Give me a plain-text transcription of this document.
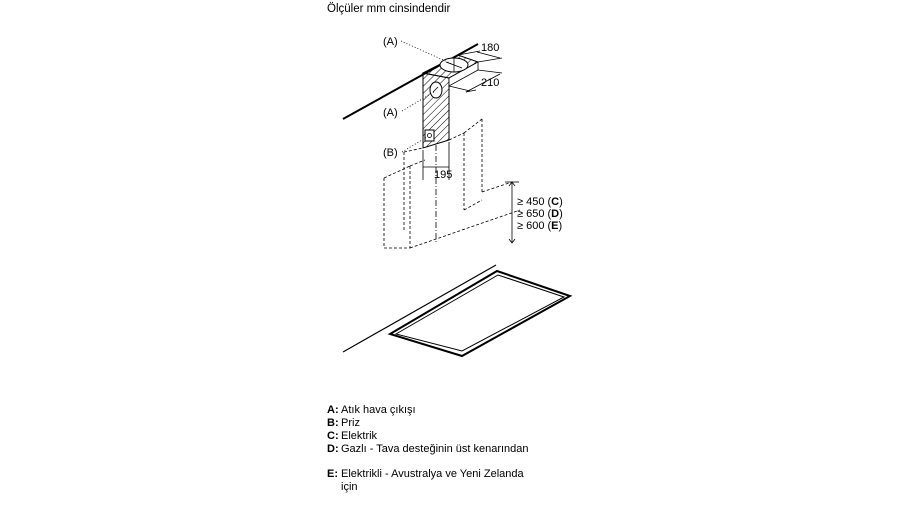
Ölçüler mm cinsindendir
(A)
(A)
(B)
180
210
195
≥ 450 (C)
≥ 650 (D)
≥ 600 (E)
A: Atık hava çıkışı
B: Priz
C: Elektrik
D: Gazlı - Tava desteğinin üst kenarından
E: Elektrikli - Avustralya ve Yeni Zelanda
için
